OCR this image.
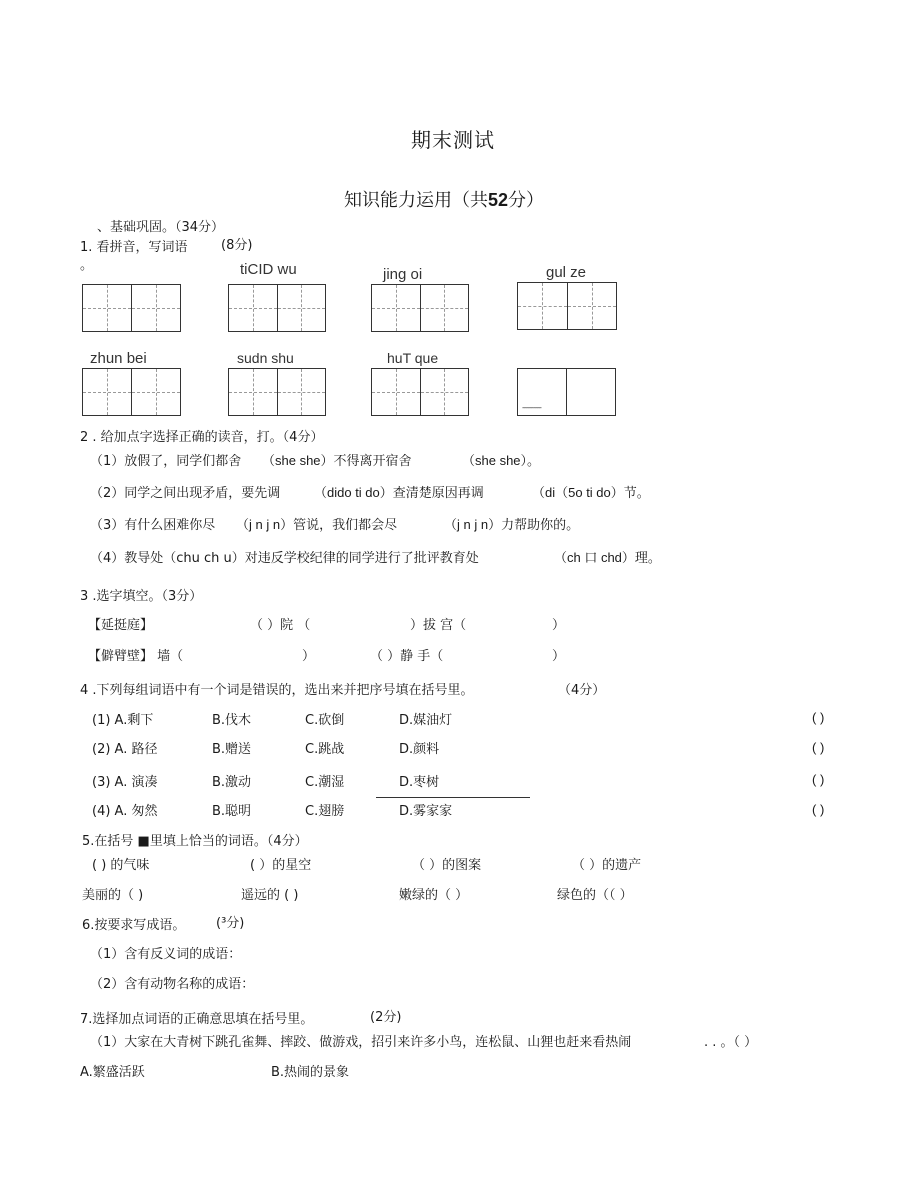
期末测试
知识能力运用（共52分）
、基础巩固。（34分）
1. 看拼音，写词语	(8分)
。	tiCID wu	jing oi	gul ze
zhun bei	sudn shu	huT que
----------
2 . 给加点字选择正确的读音，打。（4分）
（1）放假了，同学们都舍 （she she）不得离开宿舍	（she she）。
（2）同学之间出现矛盾，要先调	（dido ti do）查清楚原因再调	（di（5o ti do）节。
（3）有什么困难你尽 （j n j n）管说，我们都会尽	（j n j n）力帮助你的。
（4）教导处（chu ch u）对违反学校纪律的同学进行了批评教育处	（ch 口 chd）理。
3 .选字填空。（3分）
【延挺庭】	（ ）院 （	）拔 宫（	）
【僻臂壁】 墙（	）	（ ）静 手（	）
4 .下列每组词语中有一个词是错误的，选出来并把序号填在括号里。	（4分）
(1) A.剩下	B.伐木	C.砍倒	D.媒油灯	( )
(2) A. 路径	B.赠送	C.跳战	D.颜料	( )
(3) A. 演凑	B.激动	C.潮湿	D.枣树	( )
(4) A. 匆然	B.聪明	C.翅膀	D.雾家家	( )
5.在括号 ■里填上恰当的词语。（4分）
( ) 的气味	( ）的星空	（ ）的图案	（ ）的遗产
美丽的（ )	遥远的 ( )	嫩绿的（ ）	绿色的（（ ）
6.按要求写成语。 (³分)
（1）含有反义词的成语：
（2）含有动物名称的成语：
7.选择加点词语的正确意思填在括号里。	(2分)
（1）大家在大青树下跳孔雀舞、摔跤、做游戏，招引来许多小鸟，连松鼠、山狸也赶来看热闹	. . 。（ ）
A.繁盛活跃	B.热闹的景象
